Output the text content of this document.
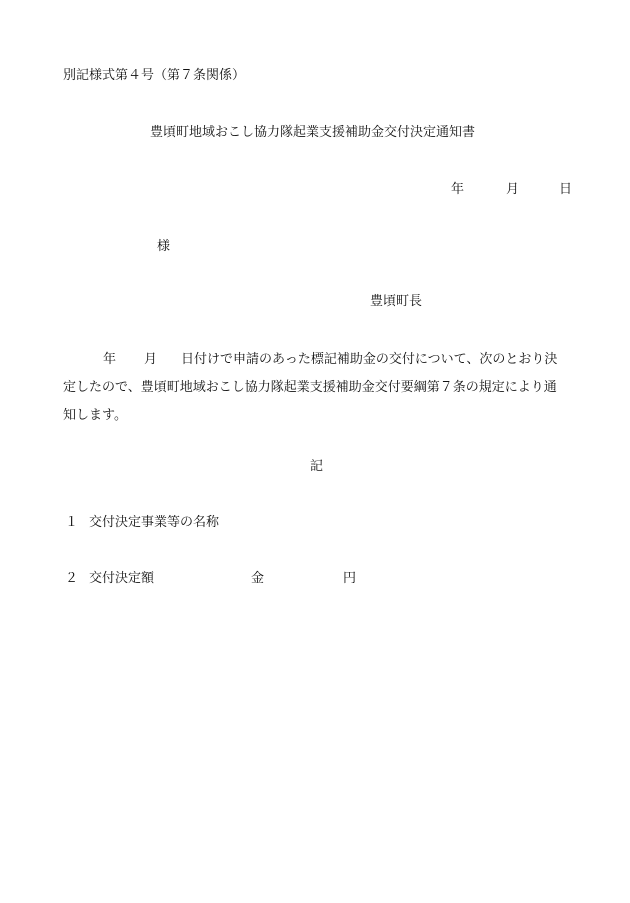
別記様式第４号（第７条関係）
豊頃町地域おこし協力隊起業支援補助金交付決定通知書
年	月	日
様
豊頃町長
年 月 日付けで申請のあった標記補助金の交付について、次のとおり決
定したので、豊頃町地域おこし協力隊起業支援補助金交付要綱第７条の規定により通
知します。
記
１ 交付決定事業等の名称
２ 交付決定額	金	円
